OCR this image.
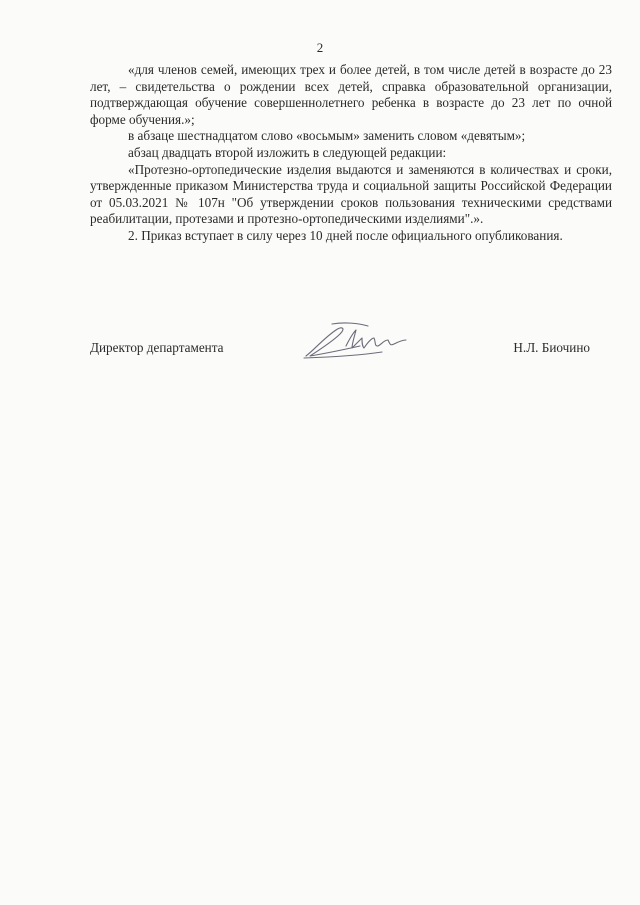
2

«для членов семей, имеющих трех и более детей, в том числе детей в возрасте до 23 лет, – свидетельства о рождении всех детей, справка образовательной организации, подтверждающая обучение совершеннолетнего ребенка в возрасте до 23 лет по очной форме обучения.»;

в абзаце шестнадцатом слово «восьмым» заменить словом «девятым»;

абзац двадцать второй изложить в следующей редакции:

«Протезно-ортопедические изделия выдаются и заменяются в количествах и сроки, утвержденные приказом Министерства труда и социальной защиты Российской Федерации от 05.03.2021 № 107н "Об утверждении сроков пользования техническими средствами реабилитации, протезами и протезно-ортопедическими изделиями".».

2. Приказ вступает в силу через 10 дней после официального опубликования.

Директор департамента	Н.Л. Биочино
